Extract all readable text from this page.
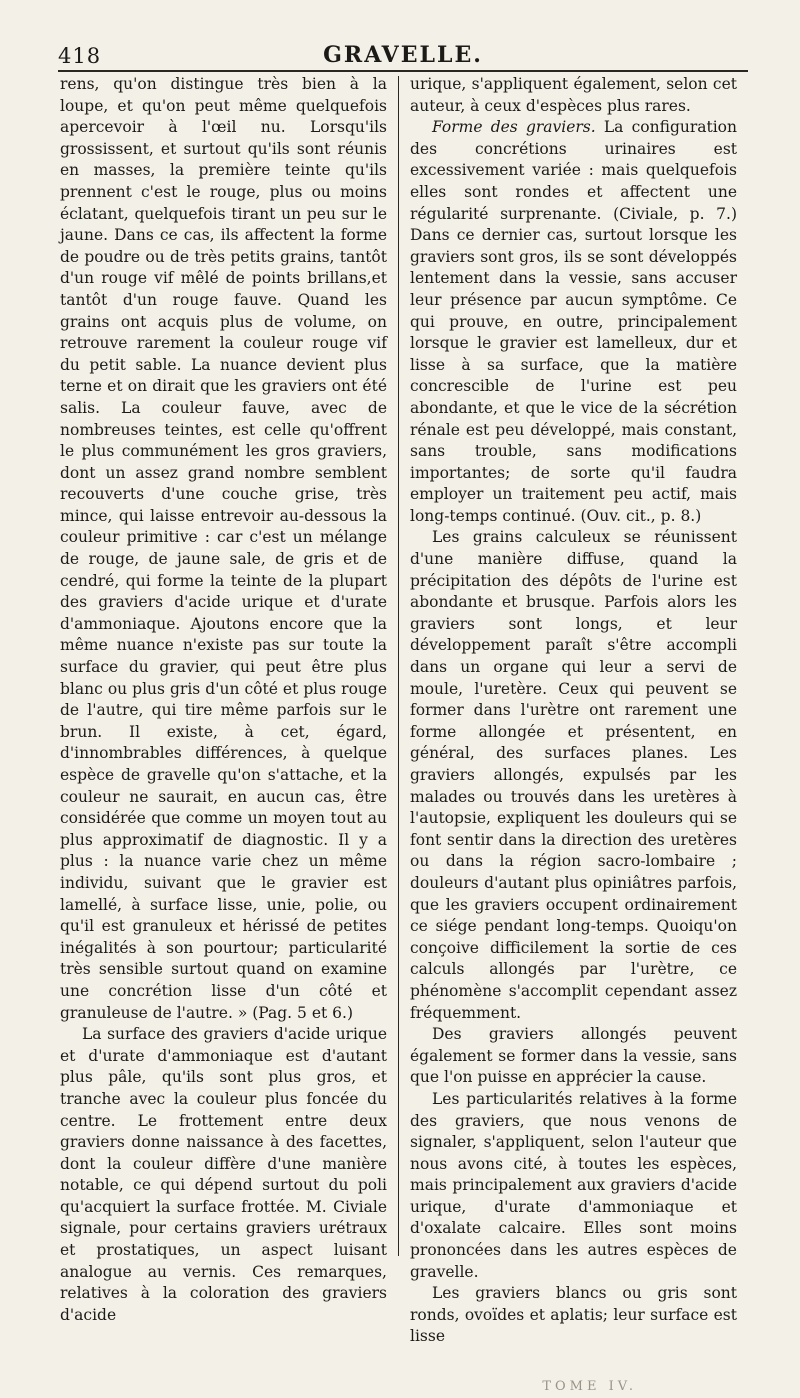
418	GRAVELLE.

rens, qu'on distingue très bien à la loupe, et qu'on peut même quelquefois apercevoir à l'œil nu. Lorsqu'ils grossissent, et surtout qu'ils sont réunis en masses, la première teinte qu'ils prennent c'est le rouge, plus ou moins éclatant, quelquefois tirant un peu sur le jaune. Dans ce cas, ils affectent la forme de poudre ou de très petits grains, tantôt d'un rouge vif mêlé de points brillans,et tantôt d'un rouge fauve. Quand les grains ont acquis plus de volume, on retrouve rarement la couleur rouge vif du petit sable. La nuance devient plus terne et on dirait que les graviers ont été salis. La couleur fauve, avec de nombreuses teintes, est celle qu'offrent le plus communément les gros graviers, dont un assez grand nombre semblent recouverts d'une couche grise, très mince, qui laisse entrevoir au-dessous la couleur primitive : car c'est un mélange de rouge, de jaune sale, de gris et de cendré, qui forme la teinte de la plupart des graviers d'acide urique et d'urate d'ammoniaque. Ajoutons encore que la même nuance n'existe pas sur toute la surface du gravier, qui peut être plus blanc ou plus gris d'un côté et plus rouge de l'autre, qui tire même parfois sur le brun. Il existe, à cet, égard, d'innombrables différences, à quelque espèce de gravelle qu'on s'attache, et la couleur ne saurait, en aucun cas, être considérée que comme un moyen tout au plus approximatif de diagnostic. Il y a plus : la nuance varie chez un même individu, suivant que le gravier est lamellé, à surface lisse, unie, polie, ou qu'il est granuleux et hérissé de petites inégalités à son pourtour; particularité très sensible surtout quand on examine une concrétion lisse d'un côté et granuleuse de l'autre. » (Pag. 5 et 6.)

La surface des graviers d'acide urique et d'urate d'ammoniaque est d'autant plus pâle, qu'ils sont plus gros, et tranche avec la couleur plus foncée du centre. Le frottement entre deux graviers donne naissance à des facettes, dont la couleur diffère d'une manière notable, ce qui dépend surtout du poli qu'acquiert la surface frottée. M. Civiale signale, pour certains graviers urétraux et prostatiques, un aspect luisant analogue au vernis. Ces remarques, relatives à la coloration des graviers d'acide

urique, s'appliquent également, selon cet auteur, à ceux d'espèces plus rares.

Forme des graviers. La configuration des concrétions urinaires est excessivement variée : mais quelquefois elles sont rondes et affectent une régularité surprenante. (Civiale, p. 7.) Dans ce dernier cas, surtout lorsque les graviers sont gros, ils se sont développés lentement dans la vessie, sans accuser leur présence par aucun symptôme. Ce qui prouve, en outre, principalement lorsque le gravier est lamelleux, dur et lisse à sa surface, que la matière concrescible de l'urine est peu abondante, et que le vice de la sécrétion rénale est peu développé, mais constant, sans trouble, sans modifications importantes; de sorte qu'il faudra employer un traitement peu actif, mais long-temps continué. (Ouv. cit., p. 8.)

Les grains calculeux se réunissent d'une manière diffuse, quand la précipitation des dépôts de l'urine est abondante et brusque. Parfois alors les graviers sont longs, et leur développement paraît s'être accompli dans un organe qui leur a servi de moule, l'uretère. Ceux qui peuvent se former dans l'urètre ont rarement une forme allongée et présentent, en général, des surfaces planes. Les graviers allongés, expulsés par les malades ou trouvés dans les uretères à l'autopsie, expliquent les douleurs qui se font sentir dans la direction des uretères ou dans la région sacro-lombaire ; douleurs d'autant plus opiniâtres parfois, que les graviers occupent ordinairement ce siége pendant long-temps. Quoiqu'on conçoive difficilement la sortie de ces calculs allongés par l'urètre, ce phénomène s'accomplit cependant assez fréquemment.

Des graviers allongés peuvent également se former dans la vessie, sans que l'on puisse en apprécier la cause.

Les particularités relatives à la forme des graviers, que nous venons de signaler, s'appliquent, selon l'auteur que nous avons cité, à toutes les espèces, mais principalement aux graviers d'acide urique, d'urate d'ammoniaque et d'oxalate calcaire. Elles sont moins prononcées dans les autres espèces de gravelle.

Les graviers blancs ou gris sont ronds, ovoïdes et aplatis; leur surface est lisse

TOME IV.
